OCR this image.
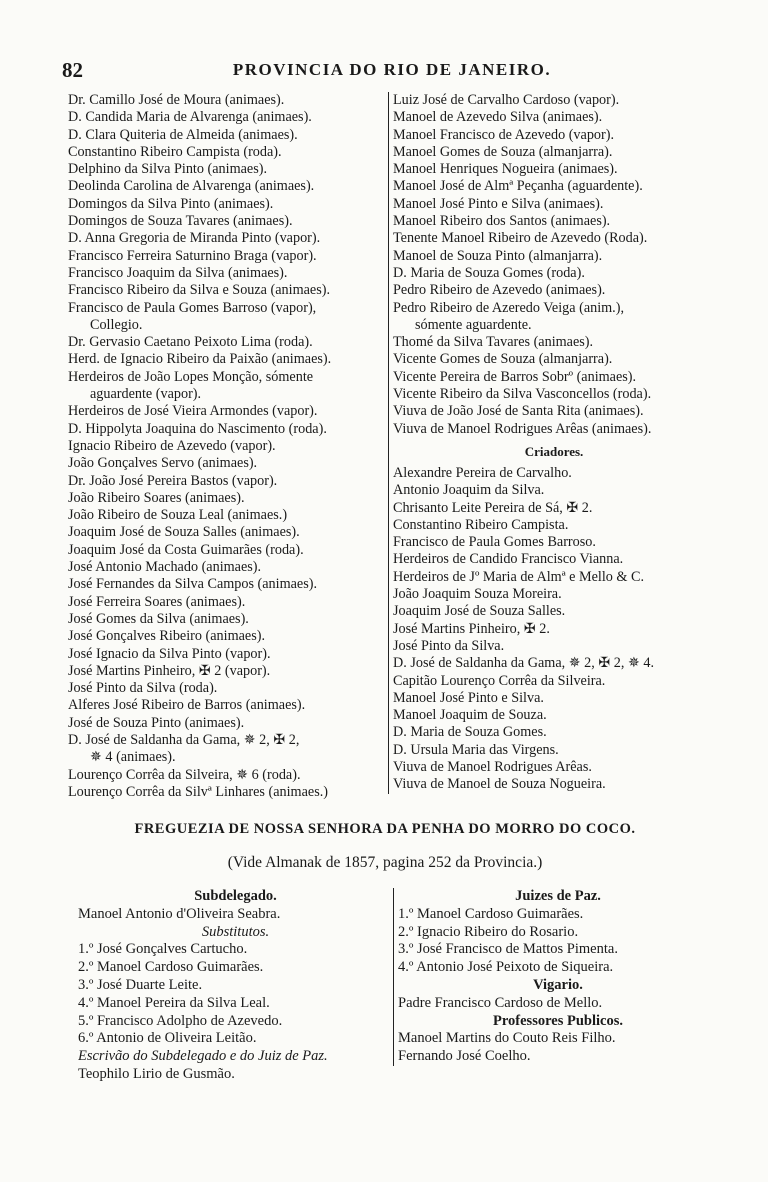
82	PROVINCIA DO RIO DE JANEIRO.
Dr. Camillo José de Moura (animaes).
D. Candida Maria de Alvarenga (animaes).
D. Clara Quiteria de Almeida (animaes).
Constantino Ribeiro Campista (roda).
Delphino da Silva Pinto (animaes).
Deolinda Carolina de Alvarenga (animaes).
Domingos da Silva Pinto (animaes).
Domingos de Souza Tavares (animaes).
D. Anna Gregoria de Miranda Pinto (vapor).
Francisco Ferreira Saturnino Braga (vapor).
Francisco Joaquim da Silva (animaes).
Francisco Ribeiro da Silva e Souza (animaes).
Francisco de Paula Gomes Barroso (vapor),
Collegio.
Dr. Gervasio Caetano Peixoto Lima (roda).
Herd. de Ignacio Ribeiro da Paixão (animaes).
Herdeiros de João Lopes Monção, sómente
aguardente (vapor).
Herdeiros de José Vieira Armondes (vapor).
D. Hippolyta Joaquina do Nascimento (roda).
Ignacio Ribeiro de Azevedo (vapor).
João Gonçalves Servo (animaes).
Dr. João José Pereira Bastos (vapor).
João Ribeiro Soares (animaes).
João Ribeiro de Souza Leal (animaes.)
Joaquim José de Souza Salles (animaes).
Joaquim José da Costa Guimarães (roda).
José Antonio Machado (animaes).
José Fernandes da Silva Campos (animaes).
José Ferreira Soares (animaes).
José Gomes da Silva (animaes).
José Gonçalves Ribeiro (animaes).
José Ignacio da Silva Pinto (vapor).
José Martins Pinheiro, ✠ 2 (vapor).
José Pinto da Silva (roda).
Alferes José Ribeiro de Barros (animaes).
José de Souza Pinto (animaes).
D. José de Saldanha da Gama, ✵ 2, ✠ 2,
✵ 4 (animaes).
Lourenço Corrêa da Silveira, ✵ 6 (roda).
Lourenço Corrêa da Silvª Linhares (animaes.)
Luiz José de Carvalho Cardoso (vapor).
Manoel de Azevedo Silva (animaes).
Manoel Francisco de Azevedo (vapor).
Manoel Gomes de Souza (almanjarra).
Manoel Henriques Nogueira (animaes).
Manoel José de Almª Peçanha (aguardente).
Manoel José Pinto e Silva (animaes).
Manoel Ribeiro dos Santos (animaes).
Tenente Manoel Ribeiro de Azevedo (Roda).
Manoel de Souza Pinto (almanjarra).
D. Maria de Souza Gomes (roda).
Pedro Ribeiro de Azevedo (animaes).
Pedro Ribeiro de Azeredo Veiga (anim.),
sómente aguardente.
Thomé da Silva Tavares (animaes).
Vicente Gomes de Souza (almanjarra).
Vicente Pereira de Barros Sobrº (animaes).
Vicente Ribeiro da Silva Vasconcellos (roda).
Viuva de João José de Santa Rita (animaes).
Viuva de Manoel Rodrigues Arêas (animaes).
Criadores.
Alexandre Pereira de Carvalho.
Antonio Joaquim da Silva.
Chrisanto Leite Pereira de Sá, ✠ 2.
Constantino Ribeiro Campista.
Francisco de Paula Gomes Barroso.
Herdeiros de Candido Francisco Vianna.
Herdeiros de Jº Maria de Almª e Mello & C.
João Joaquim Souza Moreira.
Joaquim José de Souza Salles.
José Martins Pinheiro, ✠ 2.
José Pinto da Silva.
D. José de Saldanha da Gama, ✵ 2, ✠ 2, ✵ 4.
Capitão Lourenço Corrêa da Silveira.
Manoel José Pinto e Silva.
Manoel Joaquim de Souza.
D. Maria de Souza Gomes.
D. Ursula Maria das Virgens.
Viuva de Manoel Rodrigues Arêas.
Viuva de Manoel de Souza Nogueira.
FREGUEZIA DE NOSSA SENHORA DA PENHA DO MORRO DO COCO.
(Vide Almanak de 1857, pagina 252 da Provincia.)
Subdelegado.
Manoel Antonio d'Oliveira Seabra.
Substitutos.
1.º José Gonçalves Cartucho.
2.º Manoel Cardoso Guimarães.
3.º José Duarte Leite.
4.º Manoel Pereira da Silva Leal.
5.º Francisco Adolpho de Azevedo.
6.º Antonio de Oliveira Leitão.
Escrivão do Subdelegado e do Juiz de Paz.
Teophilo Lirio de Gusmão.
Juizes de Paz.
1.º Manoel Cardoso Guimarães.
2.º Ignacio Ribeiro do Rosario.
3.º José Francisco de Mattos Pimenta.
4.º Antonio José Peixoto de Siqueira.
Vigario.
Padre Francisco Cardoso de Mello.
Professores Publicos.
Manoel Martins do Couto Reis Filho.
Fernando José Coelho.
